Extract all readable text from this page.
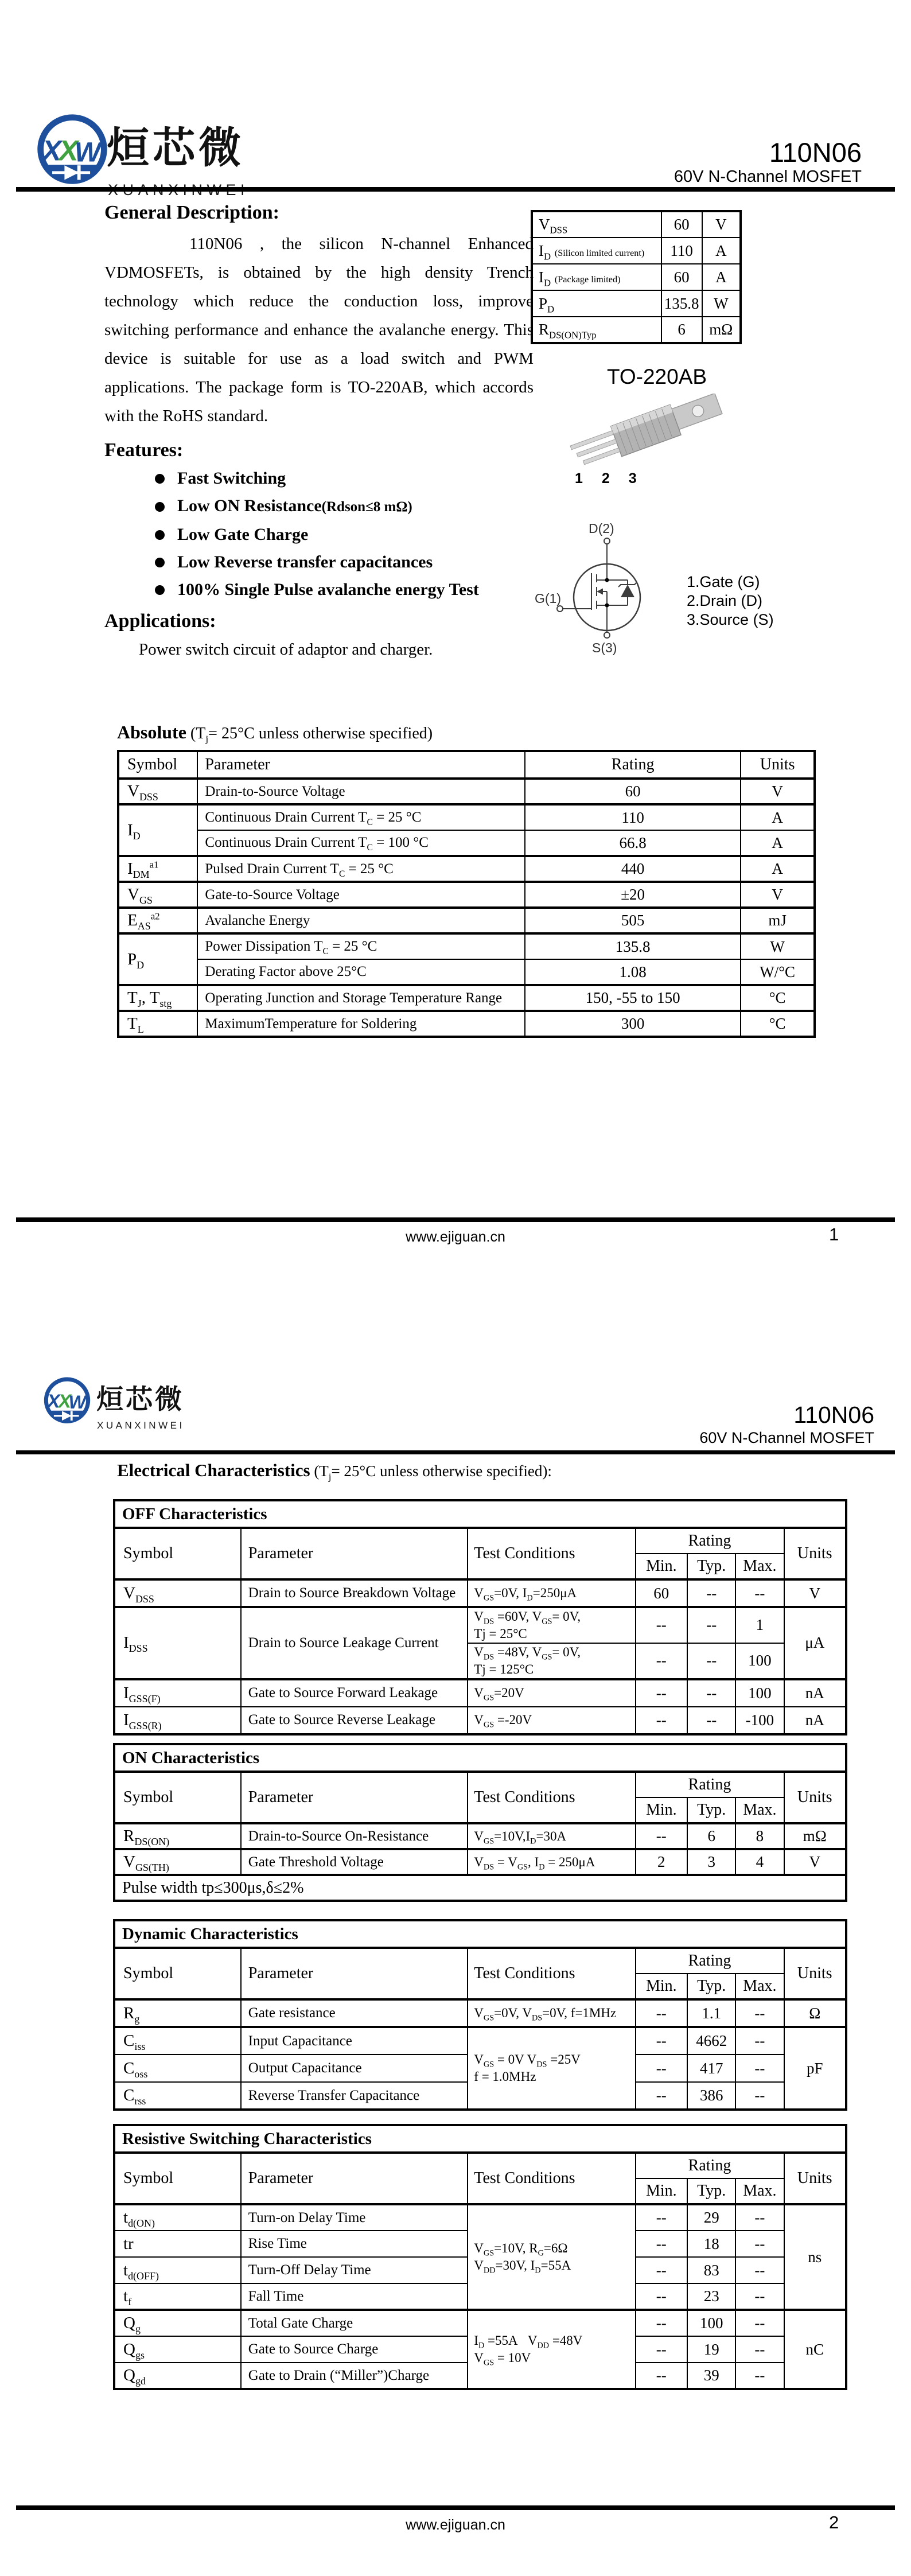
X
X
W 烜芯微	110N06
60V N-Channel MOSFET
General Description:

110N06 , the silicon N-channel Enhanced VDMOSFETs, is obtained by the high density Trench technology which reduce the conduction loss, improve switching performance and enhance the avalanche energy. This device is suitable for use as a load switch and PWM applications. The package form is TO-220AB, which accords with the RoHS standard.

Features:
Fast Switching
Low ON Resistance(Rdson≤8 mΩ)
Low Gate Charge
Low Reverse transfer capacitances
100% Single Pulse avalanche energy Test
Applications:
Power switch circuit of adaptor and charger.
$V_{DSS}$	60	V
$I_D$ (Silicon limited current)	110	A
$I_D$ (Package limited)	60	A
$P_D$	135.8	W
$R_{DS(ON)Typ}$	6	mΩ
TO-220AB
1 2 3
D(2)
G(1)
S(3)
1.Gate (G)
2.Drain (D)
3.Source (S)
Absolute ($T_j= 25^\circ C$ unless otherwise specified)
Symbol	Parameter	Rating	Units
$V_{DSS}$	Drain-to-Source Voltage	60	V
$I_D$	Continuous Drain Current $T_C = 25$ °C	110	A
	Continuous Drain Current $T_C = 100$ °C	66.8	A
$I_{DM}^{a1}$	Pulsed Drain Current $T_C = 25$ °C	440	A
$V_{GS}$	Gate-to-Source Voltage	±20	V
$E_{AS}^{a2}$	Avalanche Energy	505	mJ
$P_D$	Power Dissipation $T_C = 25$ °C	135.8	W
	Derating Factor above 25°C	1.08	W/°C
$T_J$, $T_{stg}$	Operating Junction and Storage Temperature Range	150, -55 to 150	°C
$T_L$	MaximumTemperature for Soldering	300	°C
www.ejiguan.cn	1
X
X
W 烜芯微
XUANXINWEI	110N06
60V N-Channel MOSFET
Electrical Characteristics ($T_j= 25^\circ C$ unless otherwise specified):
OFF Characteristics						
Symbol	Parameter	Test Conditions	Rating			Units
			Min.	Typ.	Max.	
$V_{DSS}$	Drain to Source Breakdown Voltage	$V_{GS}=0V$, $I_D=250\mu A$	60	--	--	V
$I_{DSS}$	Drain to Source Leakage Current	$V_{DS} =60V$, $V_{GS}= 0V$,
Tj = 25°C	--	--	1	μA
		$V_{DS} =48V$, $V_{GS}= 0V$,
Tj = 125°C	--	--	100	
$I_{GSS(F)}$	Gate to Source Forward Leakage	$V_{GS}=20V$	--	--	100	nA
$I_{GSS(R)}$	Gate to Source Reverse Leakage	$V_{GS} =-20V$	--	--	-100	nA
ON Characteristics						
Symbol	Parameter	Test Conditions	Rating			Units
			Min.	Typ.	Max.	
$R_{DS(ON)}$	Drain-to-Source On-Resistance	$V_{GS}=10V,I_D=30A$	--	6	8	mΩ
$V_{GS(TH)}$	Gate Threshold Voltage	$V_{DS} = V_{GS}$, $I_D = 250\mu A$	2	3	4	V
Pulse width tp≤300μs,δ≤2%						
Dynamic Characteristics						
Symbol	Parameter	Test Conditions	Rating			Units
			Min.	Typ.	Max.	
$R_g$	Gate resistance	$V_{GS}=0V$, $V_{DS}=0V$, f=1MHz	--	1.1	--	Ω
$C_{iss}$	Input Capacitance	$V_{GS} = 0V$ $V_{DS} =25V$
f = 1.0MHz	--	4662	--	pF
$C_{oss}$	Output Capacitance		--	417	--	
$C_{rss}$	Reverse Transfer Capacitance		--	386	--	
Resistive Switching Characteristics						
Symbol	Parameter	Test Conditions	Rating			Units
			Min.	Typ.	Max.	
$t_{d(ON)}$	Turn-on Delay Time	$V_{GS}=10V$, $R_G=6\Omega$
$V_{DD}=30V$, $I_D=55A$	--	29	--	ns
tr	Rise Time		--	18	--	
$t_{d(OFF)}$	Turn-Off Delay Time		--	83	--	
$t_f$	Fall Time		--	23	--	
$Q_g$	Total Gate Charge	$I_D =55A$   $V_{DD} =48V$
$V_{GS} = 10V$	--	100	--	nC
$Q_{gs}$	Gate to Source Charge		--	19	--	
$Q_{gd}$	Gate to Drain (“Miller”)Charge		--	39	--	
www.ejiguan.cn	2
